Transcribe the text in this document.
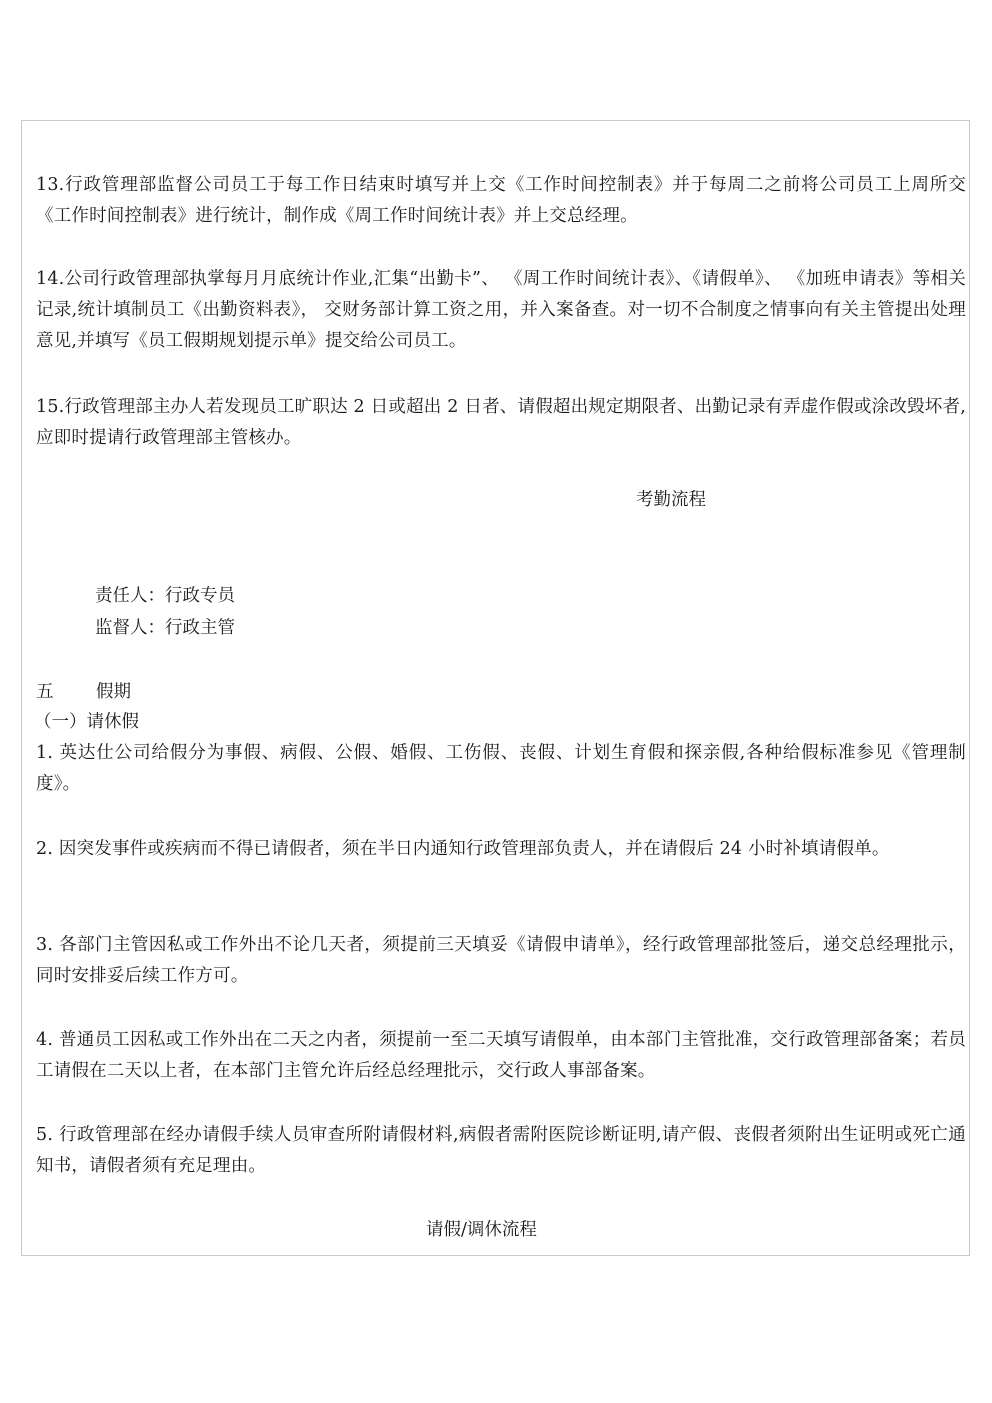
13.行政管理部监督公司员工于每工作日结束时填写并上交《工作时间控制表》并于每周二之前将公司员工上周所交《工作时间控制表》进行统计，制作成《周工作时间统计表》并上交总经理。

14.公司行政管理部执掌每月月底统计作业,汇集“出勤卡”、 《周工作时间统计表》、《请假单》、 《加班申请表》等相关记录,统计填制员工《出勤资料表》， 交财务部计算工资之用，并入案备查。对一切不合制度之情事向有关主管提出处理意见,并填写《员工假期规划提示单》提交给公司员工。

15.行政管理部主办人若发现员工旷职达 2 日或超出 2 日者、请假超出规定期限者、出勤记录有弄虚作假或涂改毁坏者,应即时提请行政管理部主管核办。

考勤流程
责任人：行政专员
监督人：行政主管
五 假期
（一）请休假

1. 英达仕公司给假分为事假、病假、公假、婚假、工伤假、丧假、计划生育假和探亲假,各种给假标准参见《管理制度》。

2. 因突发事件或疾病而不得已请假者，须在半日内通知行政管理部负责人，并在请假后 24 小时补填请假单。

3. 各部门主管因私或工作外出不论几天者，须提前三天填妥《请假申请单》，经行政管理部批签后，递交总经理批示，同时安排妥后续工作方可。

4. 普通员工因私或工作外出在二天之内者，须提前一至二天填写请假单，由本部门主管批准，交行政管理部备案；若员工请假在二天以上者，在本部门主管允许后经总经理批示，交行政人事部备案。

5. 行政管理部在经办请假手续人员审查所附请假材料,病假者需附医院诊断证明,请产假、丧假者须附出生证明或死亡通知书，请假者须有充足理由。

请假/调休流程
